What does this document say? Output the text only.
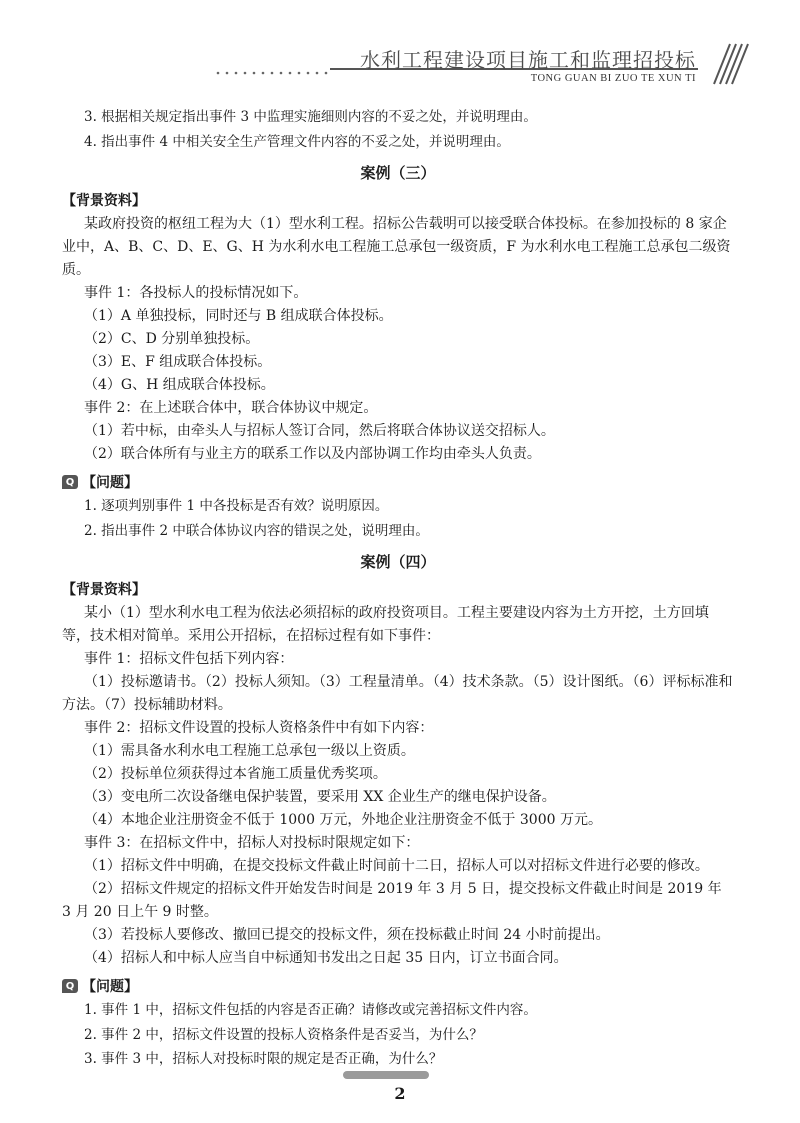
水利工程建设项目施工和监理招投标
TONG GUAN BI ZUO TE XUN TI
3. 根据相关规定指出事件 3 中监理实施细则内容的不妥之处，并说明理由。
4. 指出事件 4 中相关安全生产管理文件内容的不妥之处，并说明理由。
案例（三）
【背景资料】
某政府投资的枢纽工程为大（1）型水利工程。招标公告载明可以接受联合体投标。在参加投标的 8 家企业中，A、B、C、D、E、G、H 为水利水电工程施工总承包一级资质，F 为水利水电工程施工总承包二级资质。
事件 1：各投标人的投标情况如下。
（1）A 单独投标，同时还与 B 组成联合体投标。
（2）C、D 分别单独投标。
（3）E、F 组成联合体投标。
（4）G、H 组成联合体投标。
事件 2：在上述联合体中，联合体协议中规定。
（1）若中标，由牵头人与招标人签订合同，然后将联合体协议送交招标人。
（2）联合体所有与业主方的联系工作以及内部协调工作均由牵头人负责。
Q 【问题】
1. 逐项判别事件 1 中各投标是否有效？说明原因。
2. 指出事件 2 中联合体协议内容的错误之处，说明理由。
案例（四）
【背景资料】
某小（1）型水利水电工程为依法必须招标的政府投资项目。工程主要建设内容为土方开挖，土方回填等，技术相对简单。采用公开招标，在招标过程有如下事件：
事件 1：招标文件包括下列内容：
（1）投标邀请书。（2）投标人须知。（3）工程量清单。（4）技术条款。（5）设计图纸。（6）评标标准和方法。（7）投标辅助材料。
事件 2：招标文件设置的投标人资格条件中有如下内容：
（1）需具备水利水电工程施工总承包一级以上资质。
（2）投标单位须获得过本省施工质量优秀奖项。
（3）变电所二次设备继电保护装置，要采用 XX 企业生产的继电保护设备。
（4）本地企业注册资金不低于 1000 万元，外地企业注册资金不低于 3000 万元。
事件 3：在招标文件中，招标人对投标时限规定如下：
（1）招标文件中明确，在提交投标文件截止时间前十二日，招标人可以对招标文件进行必要的修改。
（2）招标文件规定的招标文件开始发告时间是 2019 年 3 月 5 日，提交投标文件截止时间是 2019 年 3 月 20 日上午 9 时整。
（3）若投标人要修改、撤回已提交的投标文件，须在投标截止时间 24 小时前提出。
（4）招标人和中标人应当自中标通知书发出之日起 35 日内，订立书面合同。
Q 【问题】
1. 事件 1 中，招标文件包括的内容是否正确？请修改或完善招标文件内容。
2. 事件 2 中，招标文件设置的投标人资格条件是否妥当，为什么？
3. 事件 3 中，招标人对投标时限的规定是否正确，为什么？
2
